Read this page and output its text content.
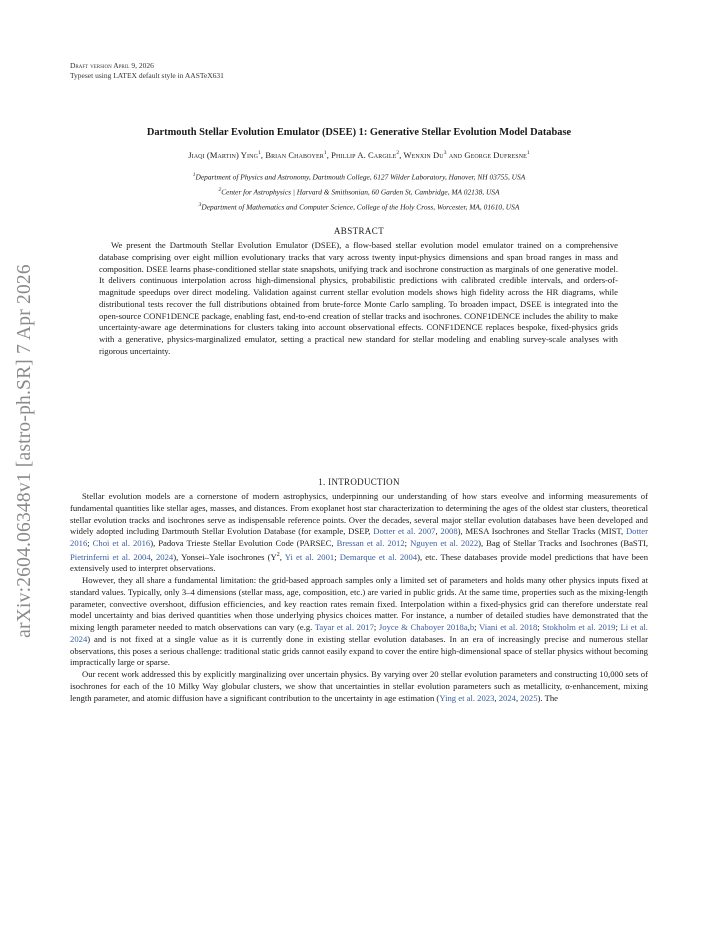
arXiv:2604.06348v1 [astro-ph.SR] 7 Apr 2026
Draft version April 9, 2026
Typeset using LATEX default style in AASTeX631
Dartmouth Stellar Evolution Emulator (DSEE) 1: Generative Stellar Evolution Model Database
Jiaqi (Martin) Ying$^1$, Brian Chaboyer$^1$, Phillip A. Cargile$^2$, Wenxin Du$^3$ and George Dufresne$^1$
$^1$Department of Physics and Astronomy, Dartmouth College, 6127 Wilder Laboratory, Hanover, NH 03755, USA
$^2$Center for Astrophysics | Harvard & Smithsonian, 60 Garden St, Cambridge, MA 02138, USA
$^3$Department of Mathematics and Computer Science, College of the Holy Cross, Worcester, MA, 01610, USA
ABSTRACT

We present the Dartmouth Stellar Evolution Emulator (DSEE), a flow-based stellar evolution model emulator trained on a comprehensive database comprising over eight million evolutionary tracks that vary across twenty input-physics dimensions and span broad ranges in mass and composition. DSEE learns phase-conditioned stellar state snapshots, unifying track and isochrone construction as marginals of one generative model. It delivers continuous interpolation across high-dimensional physics, probabilistic predictions with calibrated credible intervals, and orders-of-magnitude speedups over direct modeling. Validation against current stellar evolution models shows high fidelity across the HR diagrams, while distributional tests recover the full distributions obtained from brute-force Monte Carlo sampling. To broaden impact, DSEE is integrated into the open-source CONF1DENCE package, enabling fast, end-to-end creation of stellar tracks and isochrones. CONF1DENCE includes the ability to make uncertainty-aware age determinations for clusters taking into account observational effects. CONF1DENCE replaces bespoke, fixed-physics grids with a generative, physics-marginalized emulator, setting a practical new standard for stellar modeling and enabling survey-scale analyses with rigorous uncertainty.

1. INTRODUCTION

Stellar evolution models are a cornerstone of modern astrophysics, underpinning our understanding of how stars eveolve and informing measurements of fundamental quantities like stellar ages, masses, and distances. From exoplanet host star characterization to determining the ages of the oldest star clusters, theoretical stellar evolution tracks and isochrones serve as indispensable reference points. Over the decades, several major stellar evolution databases have been developed and widely adopted including Dartmouth Stellar Evolution Database (for example, DSEP, Dotter et al. 2007, 2008), MESA Isochrones and Stellar Tracks (MIST, Dotter 2016; Choi et al. 2016), Padova Trieste Stellar Evolution Code (PARSEC, Bressan et al. 2012; Nguyen et al. 2022), Bag of Stellar Tracks and Isochrones (BaSTI, Pietrinferni et al. 2004, 2024), Yonsei–Yale isochrones ($Y^2$, Yi et al. 2001; Demarque et al. 2004), etc. These databases provide model predictions that have been extensively used to interpret observations.

However, they all share a fundamental limitation: the grid-based approach samples only a limited set of parameters and holds many other physics inputs fixed at standard values. Typically, only 3–4 dimensions (stellar mass, age, composition, etc.) are varied in public grids. At the same time, properties such as the mixing-length parameter, convective overshoot, diffusion efficiencies, and key reaction rates remain fixed. Interpolation within a fixed-physics grid can therefore understate real model uncertainty and bias derived quantities when those underlying physics choices matter. For instance, a number of detailed studies have demonstrated that the mixing length parameter needed to match observations can vary (e.g. Tayar et al. 2017; Joyce & Chaboyer 2018a,b; Viani et al. 2018; Stokholm et al. 2019; Li et al. 2024) and is not fixed at a single value as it is currently done in existing stellar evolution databases. In an era of increasingly precise and numerous stellar observations, this poses a serious challenge: traditional static grids cannot easily expand to cover the entire high-dimensional space of stellar physics without becoming impractically large or sparse.

Our recent work addressed this by explicitly marginalizing over uncertain physics. By varying over 20 stellar evolution parameters and constructing 10,000 sets of isochrones for each of the 10 Milky Way globular clusters, we show that uncertainties in stellar evolution parameters such as metallicity, α-enhancement, mixing length parameter, and atomic diffusion have a significant contribution to the uncertainty in age estimation (Ying et al. 2023, 2024, 2025). The
